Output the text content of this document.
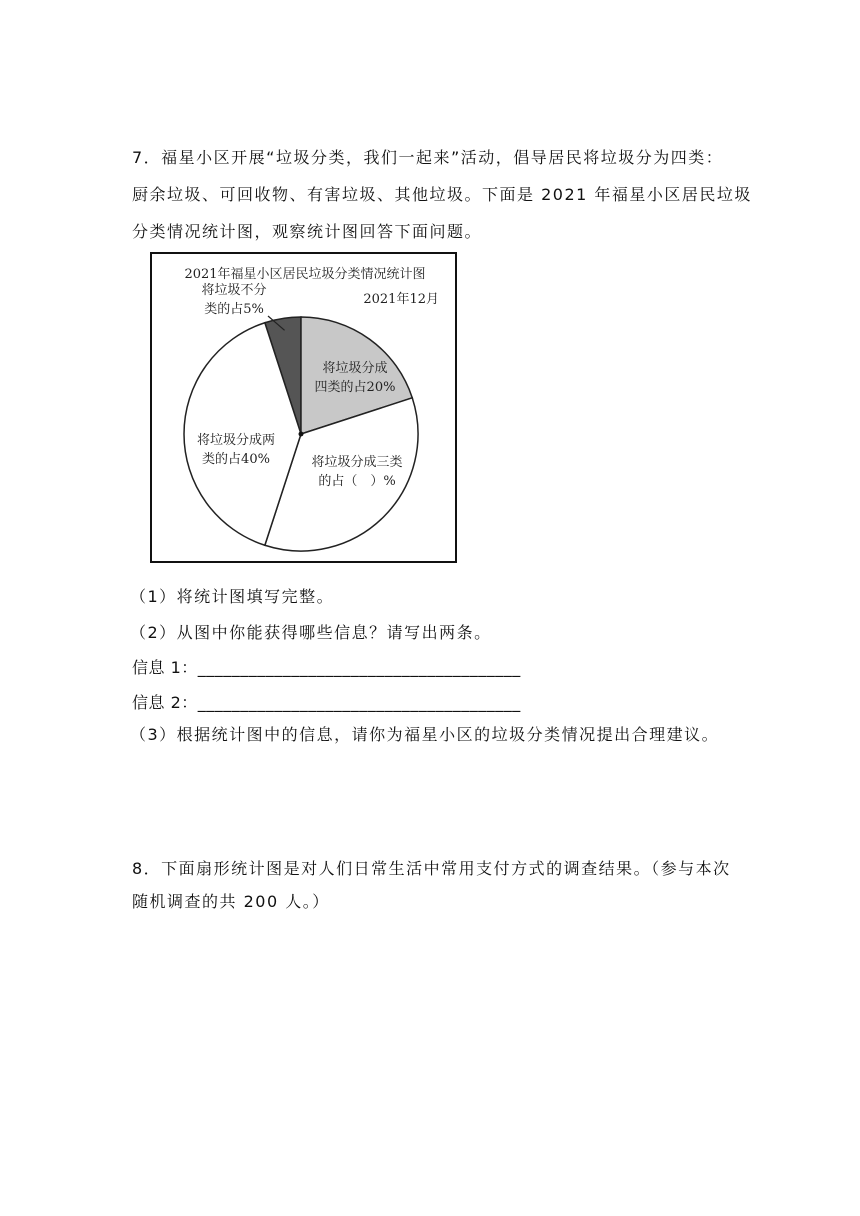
7．福星小区开展“垃圾分类，我们一起来”活动，倡导居民将垃圾分为四类：
厨余垃圾、可回收物、有害垃圾、其他垃圾。下面是 2021 年福星小区居民垃圾
分类情况统计图，观察统计图回答下面问题。
2021年福星小区居民垃圾分类情况统计图
2021年12月
将垃圾不分
类的占5%
将垃圾分成
四类的占20%
将垃圾分成三类
的占（　）%
将垃圾分成两
类的占40%
（1）将统计图填写完整。
（2）从图中你能获得哪些信息？请写出两条。
信息 1：______________________________________
信息 2：______________________________________
（3）根据统计图中的信息，请你为福星小区的垃圾分类情况提出合理建议。
8．下面扇形统计图是对人们日常生活中常用支付方式的调查结果。（参与本次
随机调查的共 200 人。）
